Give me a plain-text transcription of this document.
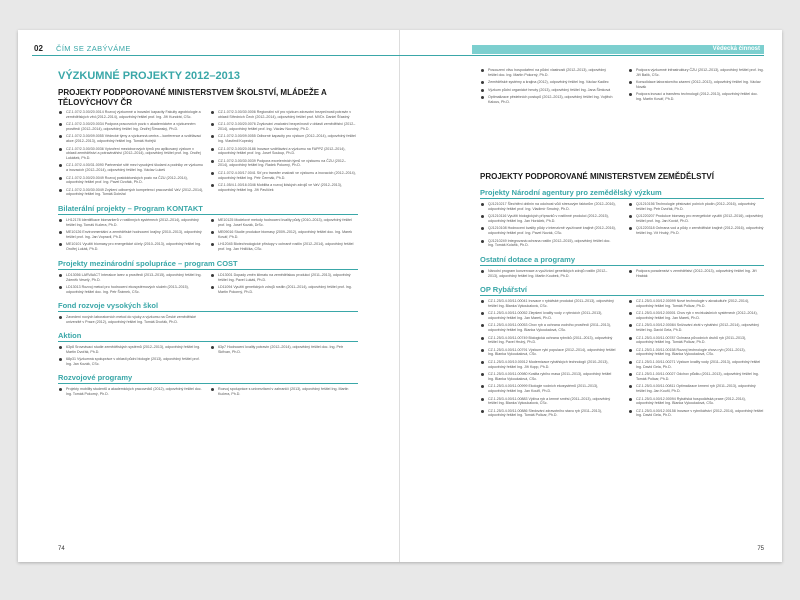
02 ČÍM SE ZABÝVÁME
VÝZKUMNÉ PROJEKTY 2012–2013
PROJEKTY PODPOROVANÉ MINISTERSTVEM ŠKOLSTVÍ, MLÁDEŽE A TĚLOVÝCHOVY ČR
CZ.1.07/2.3.00/20.0014 Rozvoj výzkumné a inovační kapacity Fakulty agrobiologie a zemědělských věd (2012–2014), odpovědný řešitel prof. Ing. Jiří Kundrát, CSc.
CZ.1.07/2.3.00/20.0034 Podpora pracovních pozic v akademickém a výzkumném prostředí (2012–2014), odpovědný řešitel Ing. Ondřej Šimanský, Ph.D.
CZ.1.07/2.3.00/09.0055 Vědecké týmy a výzkumná centra – konference a vzdělávací akce (2012–2013), odpovědný řešitel Ing. Tomáš Hořejší
CZ.1.07/2.3.00/30.0036 Vytvoření mezioborových týmů pro aplikovaný výzkum v oblasti zemědělství a potravinářství (2012–2014), odpovědný řešitel prof. Ing. Ondřej Lukášek, Ph.D.
CZ.1.07/2.4.00/31.0090 Partnerské sítě mezi vysokými školami a podniky ve výzkumu a inovacích (2012–2014), odpovědný řešitel Ing. Václav Lukeš
CZ.1.07/2.3.00/20.0049 Rozvoj postdoktorských pozic na ČZU (2012–2014), odpovědný řešitel prof. Ing. Pavel Dvořák, Ph.D.
CZ.1.07/2.3.00/30.0049 Zvýšení odborných kompetencí pracovníků VaV (2012–2014), odpovědný řešitel Ing. Tomáš Doležal
CZ.1.07/2.3.00/30.0006 Regionální síť pro výzkum zdravotní bezpečnosti potravin v oblasti Středních Čech (2012–2014), odpovědný řešitel prof. MVDr. Daniel Šťastný
CZ.1.07/2.3.00/20.0076 Zvyšování znalostní bezpečnosti v oblasti zemědělství (2012–2014), odpovědný řešitel prof. Ing. Václav Novotný, Ph.D.
CZ.1.07/2.3.00/09.0055 Odborné kapacity pro výzkum (2012–2014), odpovědný řešitel Ing. Vlastimil Kopecký
CZ.1.07/2.3.00/20.0186 Inovace vzdělávání a výzkumu na FAPPZ (2012–2014), odpovědný řešitel prof. Ing. Josef Soukup, Ph.D.
CZ.1.07/2.3.00/30.0039 Podpora excelentních týmů ve výzkumu na ČZU (2012–2014), odpovědný řešitel Ing. Radek Pokorný, Ph.D.
CZ.1.07/2.4.00/17.0041 Síť pro transfer znalostí ve výzkumu a inovacích (2012–2014), odpovědný řešitel Ing. Petr Čermák, Ph.D.
CZ.1.05/4.1.00/16.0346 Mobilita a rozvoj lidských zdrojů ve VaV (2012–2013), odpovědný řešitel Ing. Jiří Pavlíček
Bilaterální projekty – Program KONTAKT
LH12178 Identifikace biomarkerů v rostlinných systémech (2012–2014), odpovědný řešitel Ing. Tomáš Kučera, Ph.D.
ME10126 Environmentální a zemědělské hodnocení krajiny (2010–2013), odpovědný řešitel prof. Ing. Jan Vopravil, Ph.D.
ME10101 Využití biomasy pro energetické účely (2010–2013), odpovědný řešitel Ing. Ondřej Lukáš, Ph.D.
ME10125 Modelové metody hodnocení kvality půdy (2010–2013), odpovědný řešitel prof. Ing. Josef Kozák, DrSc.
ME09016 Studie produkce biomasy (2009–2012), odpovědný řešitel doc. Ing. Marek Kovář, Ph.D.
LH12045 Biotechnologické přístupy v ochraně rostlin (2012–2014), odpovědný řešitel prof. Ing. Jan Hnilička, CSc.
Projekty mezinárodní spolupráce – program COST
LD13056 LARVAACT Interakce larev a prostředí (2013–2015), odpovědný řešitel Ing. Zdeněk Veselý, Ph.D.
LD13013 Rozvoj metod pro hodnocení ekosystémových služeb (2013–2015), odpovědný řešitel doc. Ing. Petr Šrámek, CSc.
LD13001 Dopady změn klimatu na zemědělskou produkci (2011–2013), odpovědný řešitel Ing. Pavel Lukáš, Ph.D.
LD11094 Využití genetických zdrojů rostlin (2011–2014), odpovědný řešitel prof. Ing. Martin Pokorný, Ph.D.
Fond rozvoje vysokých škol
Zavedení nových laboratorních metod do výuky a výzkumu na České zemědělské univerzitě v Praze (2012), odpovědný řešitel Ing. Tomáš Dvořák, Ph.D.
Aktion
63p8 Srovnávací studie zemědělských systémů (2012–2013), odpovědný řešitel Ing. Martin Dvořák, Ph.D.
68p31 Výzkumná spolupráce v oblasti půdní biologie (2013), odpovědný řešitel prof. Ing. Jan Kozák, CSc.
63p7 Hodnocení kvality potravin (2012–2014), odpovědný řešitel doc. Ing. Petr Skřivan, Ph.D.
Rozvojové programy
Projekty mobility studentů a akademických pracovníků (2012), odpovědný řešitel doc. Ing. Tomáš Pokorný, Ph.D.
Rozvoj spolupráce s univerzitami v zahraničí (2013), odpovědný řešitel Ing. Martin Kučera, Ph.D.
74
Vědecká činnost
Posouzení vlivu hospodaření na půdní vlastnosti (2012–2013), odpovědný řešitel doc. Ing. Martin Pokorný, Ph.D.
Zemědělské systémy a krajina (2012), odpovědný řešitel Ing. Václav Kadlec
Výzkum půdní organické hmoty (2013), odpovědný řešitel Ing. Jana Šimková
Optimalizace pěstebních postupů (2012–2013), odpovědný řešitel Ing. Vojtěch Kalous, Ph.D.
Podpora výzkumné infrastruktury ČZU (2012–2013), odpovědný řešitel prof. Ing. Jiří Balík, CSc.
Konsolidace laboratorního zázemí (2012–2013), odpovědný řešitel Ing. Václav Novák
Podpora inovací a transferu technologií (2012–2013), odpovědný řešitel doc. Ing. Martin Kovář, Ph.D.
PROJEKTY PODPOROVANÉ MINISTERSTVEM ZEMĚDĚLSTVÍ
Projekty Národní agentury pro zemědělský výzkum
QJ1210217 Šlechtění obilnin na odolnost vůči stresovým faktorům (2012–2016), odpovědný řešitel prof. Ing. Vladimír Smutný, Ph.D.
QJ1210116 Využití biologických přípravků v rostlinné produkci (2012–2015), odpovědný řešitel Ing. Jan Horáček, Ph.D.
QJ1210108 Hodnocení kvality půdy v intenzivně využívané krajině (2012–2016), odpovědný řešitel prof. Ing. Pavel Novák, CSc.
QJ1210249 Integrovaná ochrana rostlin (2012–2015), odpovědný řešitel doc. Ing. Tomáš Kolařík, Ph.D.
QJ1210156 Technologie pěstování polních plodin (2012–2016), odpovědný řešitel Ing. Petr Dvořák, Ph.D.
QJ1220207 Produkce biomasy pro energetické využití (2012–2016), odpovědný řešitel prof. Ing. Jan Kovář, Ph.D.
QJ1220318 Ochrana vod a půdy v zemědělské krajině (2012–2016), odpovědný řešitel Ing. Vít Hrubý, Ph.D.
Ostatní dotace a programy
Národní program konzervace a využívání genetických zdrojů rostlin (2012–2013), odpovědný řešitel Ing. Martin Koubek, Ph.D.
Podpora poradenství v zemědělství (2012–2013), odpovědný řešitel Ing. Jiří Hrabák
OP Rybářství
CZ.1.25/3.4.00/11.00041 Inovace v rybářské produkci (2011–2013), odpovědný řešitel Ing. Blanka Vykoukalová, CSc.
CZ.1.25/3.4.00/11.00052 Zlepšení kvality vody v rybnících (2011–2013), odpovědný řešitel Ing. Jan Mareš, Ph.D.
CZ.1.25/3.4.00/11.00053 Chov ryb a ochrana vodního prostředí (2011–2013), odpovědný řešitel Ing. Blanka Vykoukalová, CSc.
CZ.1.25/3.4.00/11.00749 Biologická ochrana rybníků (2011–2013), odpovědný řešitel Ing. Pavel Hrubý, Ph.D.
CZ.1.25/3.4.00/11.00791 Výzkum rybí populace (2012–2014), odpovědný řešitel Ing. Blanka Vykoukalová, CSc.
CZ.1.25/3.4.00/10.00012 Modernizace rybářských technologií (2010–2013), odpovědný řešitel Ing. Jiří Kopp, Ph.D.
CZ.1.25/3.4.00/11.00980 Kvalita rybího masa (2011–2013), odpovědný řešitel Ing. Blanka Vykoukalová, CSc.
CZ.1.25/3.4.00/11.00999 Ekologie vodních ekosystémů (2011–2013), odpovědný řešitel Ing. Jan Kouřil, Ph.D.
CZ.1.25/3.4.00/11.00883 Výživa ryb a krmné směsi (2011–2013), odpovědný řešitel Ing. Blanka Vykoukalová, CSc.
CZ.1.25/3.4.00/11.00886 Sledování zdravotního stavu ryb (2011–2013), odpovědný řešitel Ing. Tomáš Policar, Ph.D.
CZ.1.25/3.4.00/12.00099 Nové technologie v akvakultuře (2012–2014), odpovědný řešitel Ing. Tomáš Policar, Ph.D.
CZ.1.25/3.4.00/12.00001 Chov ryb v recirkulačních systémech (2012–2014), odpovědný řešitel Ing. Jan Mareš, Ph.D.
CZ.1.25/3.4.00/12.00084 Snižování ztrát v rybářství (2012–2014), odpovědný řešitel Ing. David Gela, Ph.D.
CZ.1.25/3.4.00/11.00787 Ochrana původních druhů ryb (2011–2013), odpovědný řešitel Ing. Tomáš Policar, Ph.D.
CZ.1.25/3.1.00/11.00158 Rozvoj technologie chovu ryb (2011–2013), odpovědný řešitel Ing. Blanka Vykoukalová, CSc.
CZ.1.25/3.1.00/11.00271 Výzkum kvality vody (2011–2013), odpovědný řešitel Ing. David Gela, Ph.D.
CZ.1.25/3.1.00/11.00027 Odchov plůdku (2011–2013), odpovědný řešitel Ing. Tomáš Policar, Ph.D.
CZ.1.25/3.4.00/11.00811 Optimalizace krmení ryb (2011–2013), odpovědný řešitel Ing. Jan Kouřil, Ph.D.
CZ.1.25/3.4.00/12.00094 Rybářská hospodářská praxe (2012–2014), odpovědný řešitel Ing. Blanka Vykoukalová, CSc.
CZ.1.25/3.4.00/12.00158 Inovace v rybníkářství (2012–2014), odpovědný řešitel Ing. David Gela, Ph.D.
75
